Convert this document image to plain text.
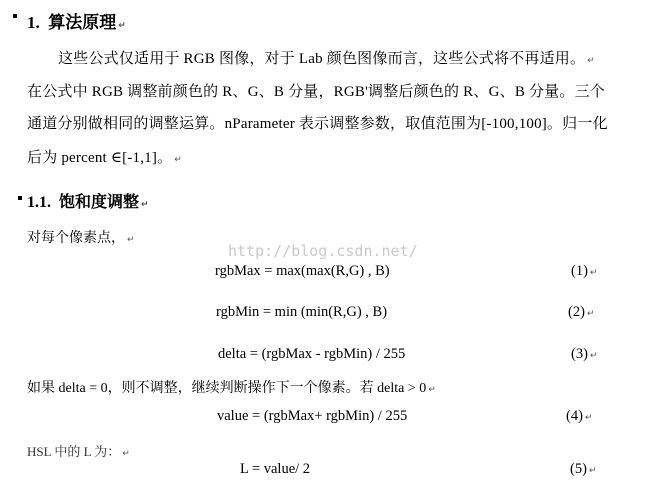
1. 算法原理 ↵
这些公式仅适用于 RGB 图像，对于 Lab 颜色图像而言，这些公式将不再适用。 ↵
在公式中 RGB 调整前颜色的 R、G、B 分量，RGB'调整后颜色的 R、G、B 分量。三个
通道分别做相同的调整运算。nParameter 表示调整参数，取值范围为[-100,100]。归一化
后为 percent ∈[-1,1]。 ↵
1.1. 饱和度调整 ↵
对每个像素点， ↵
http://blog.csdn.net/
rgbMax = max(max(R,G) , B)	(1) ↵
rgbMin = min (min(R,G) , B)	(2) ↵
delta = (rgbMax - rgbMin) / 255	(3) ↵
如果 delta = 0，则不调整，继续判断操作下一个像素。若 delta > 0 ↵
value = (rgbMax+ rgbMin) / 255	(4) ↵
HSL 中的 L 为： ↵
L = value/ 2	(5) ↵
